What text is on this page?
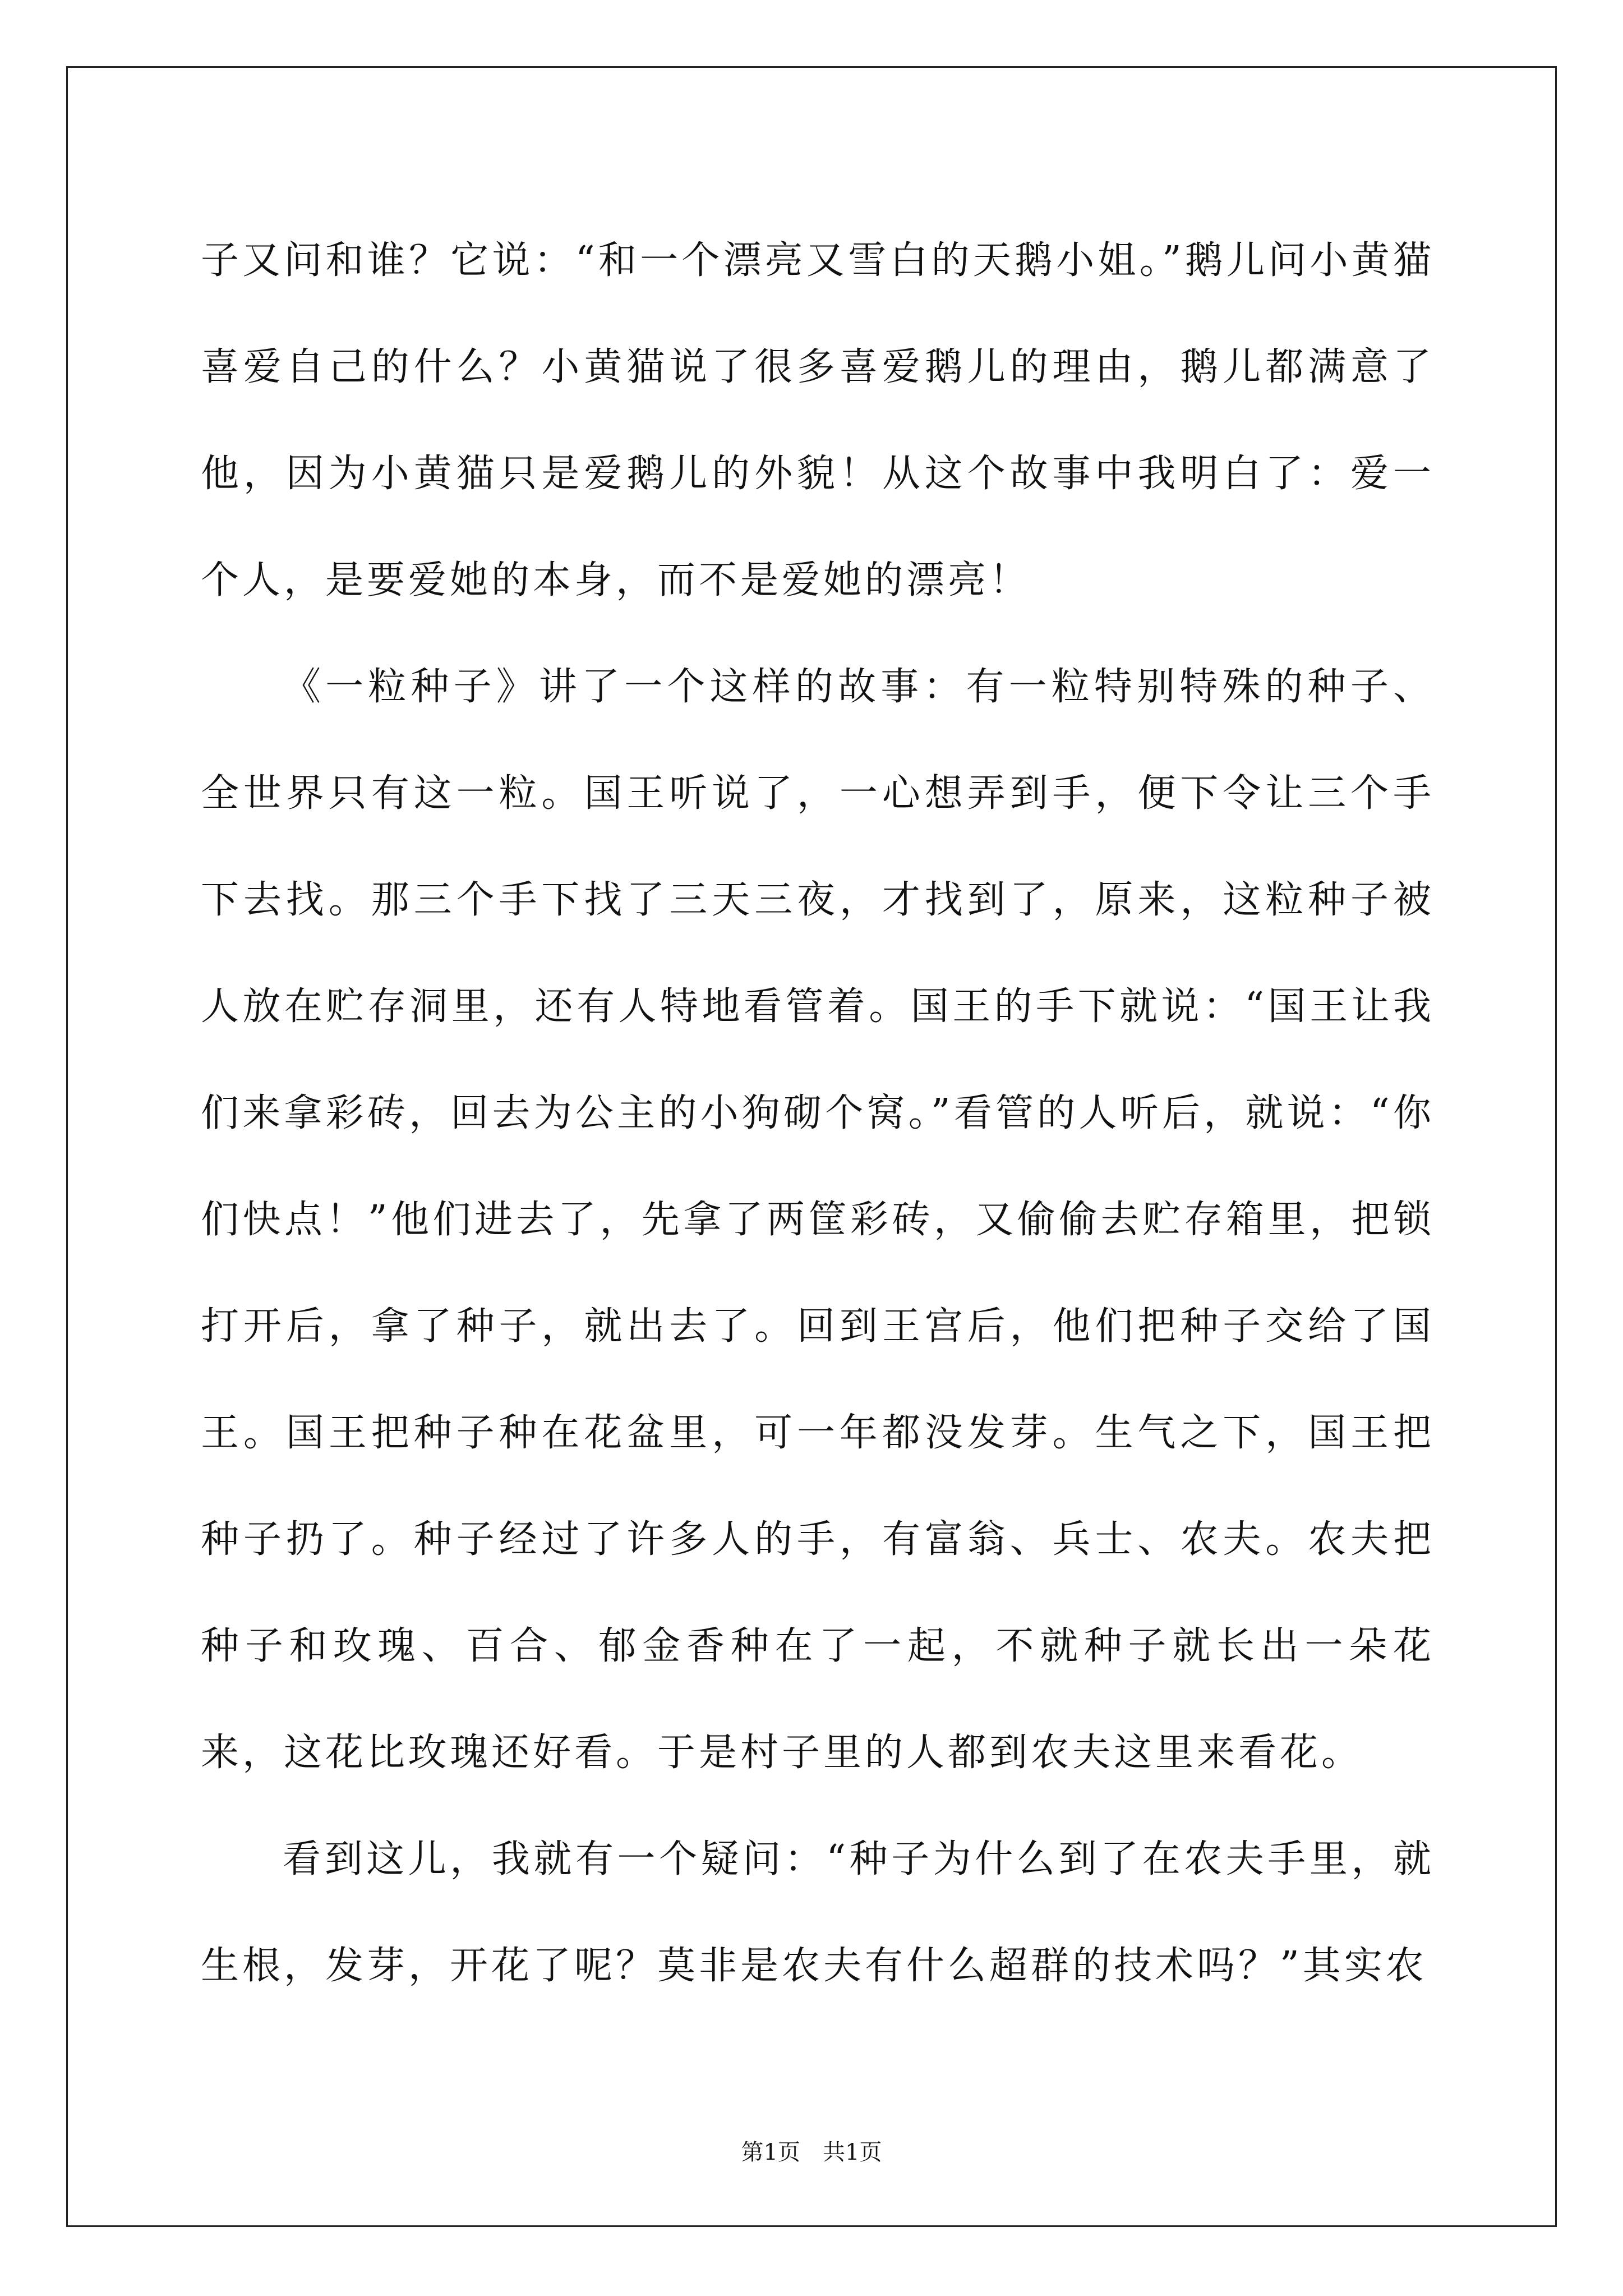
子又问和谁？它说：“和一个漂亮又雪白的天鹅小姐。”鹅儿问小黄猫喜爱自己的什么？小黄猫说了很多喜爱鹅儿的理由，鹅儿都满意了他，因为小黄猫只是爱鹅儿的外貌！从这个故事中我明白了：爱一个人，是要爱她的本身，而不是爱她的漂亮！

《一粒种子》讲了一个这样的故事：有一粒特别特殊的种子、全世界只有这一粒。国王听说了，一心想弄到手，便下令让三个手下去找。那三个手下找了三天三夜，才找到了，原来，这粒种子被人放在贮存洞里，还有人特地看管着。国王的手下就说：“国王让我们来拿彩砖，回去为公主的小狗砌个窝。”看管的人听后，就说：“你们快点！”他们进去了，先拿了两筐彩砖，又偷偷去贮存箱里，把锁打开后，拿了种子，就出去了。回到王宫后，他们把种子交给了国王。国王把种子种在花盆里，可一年都没发芽。生气之下，国王把种子扔了。种子经过了许多人的手，有富翁、兵士、农夫。农夫把种子和玫瑰、百合、郁金香种在了一起，不就种子就长出一朵花来，这花比玫瑰还好看。于是村子里的人都到农夫这里来看花。

看到这儿，我就有一个疑问：“种子为什么到了在农夫手里，就生根，发芽，开花了呢？莫非是农夫有什么超群的技术吗？”其实农

第1页　共1页
